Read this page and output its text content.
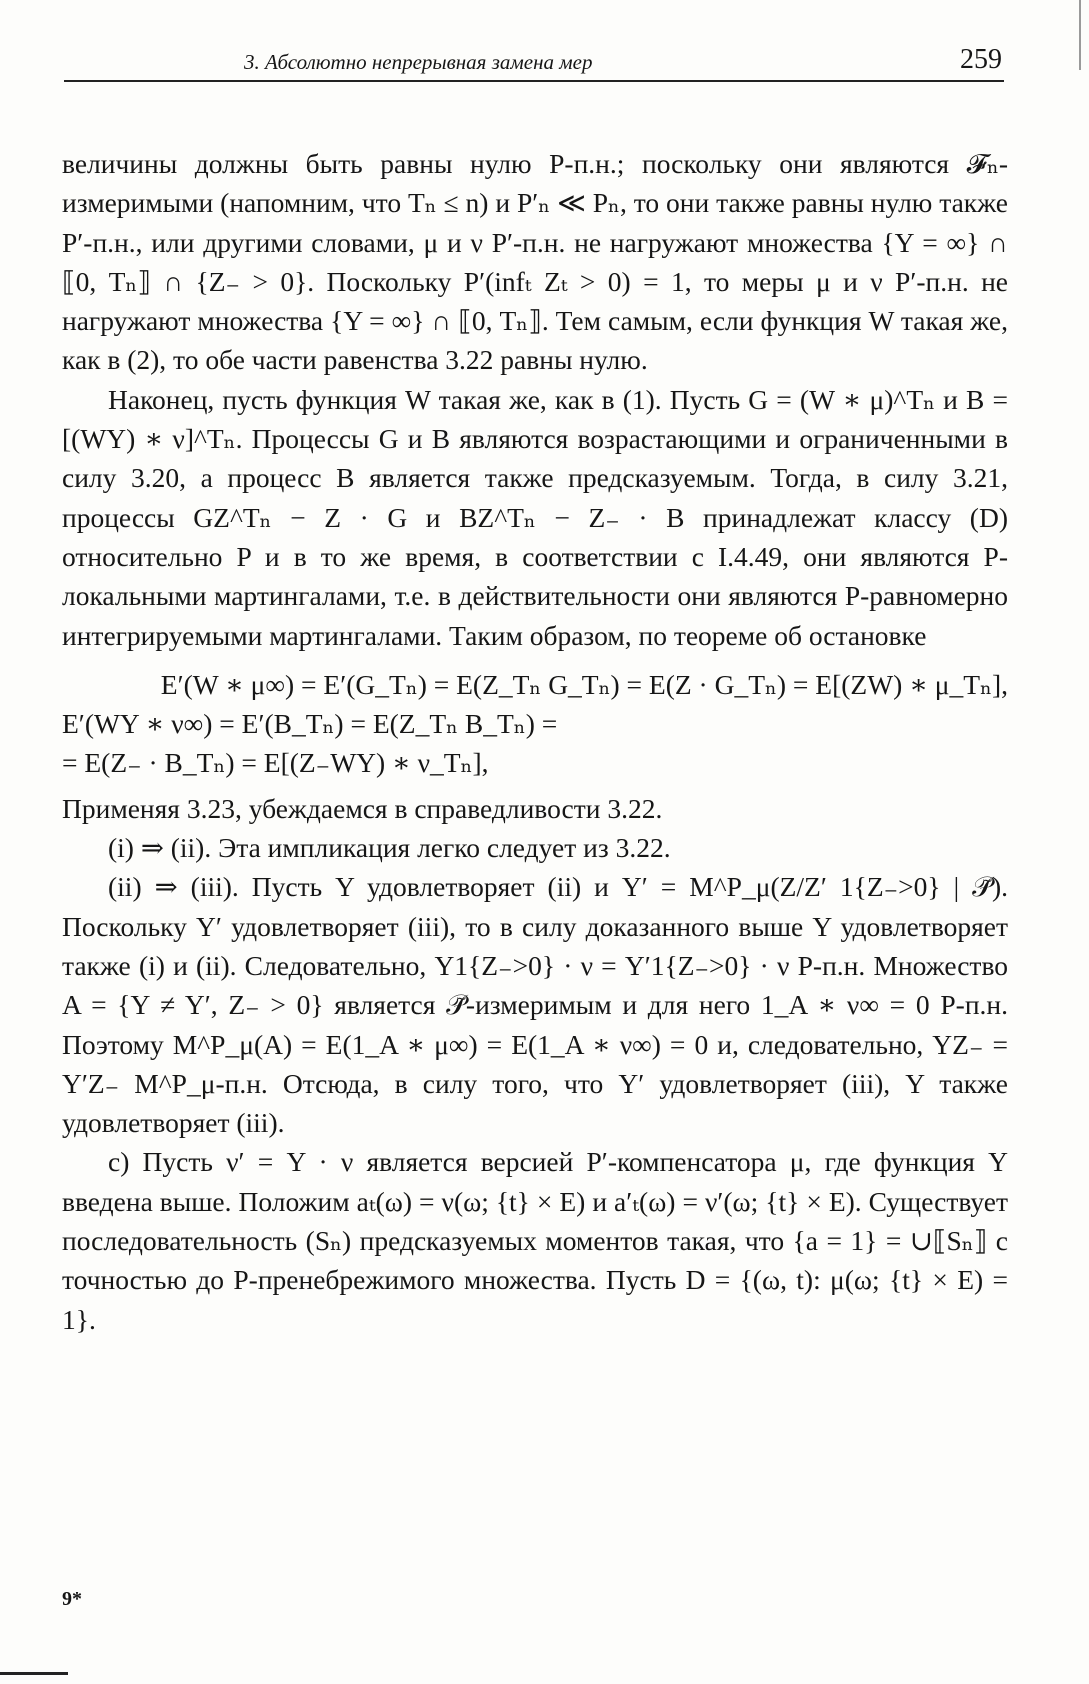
3. Абсолютно непрерывная замена мер	259

величины должны быть равны нулю P-п.н.; поскольку они являются 𝓕ₙ-измеримыми (напомним, что Tₙ ≤ n) и P′ₙ ≪ Pₙ, то они также равны нулю также P′-п.н., или другими словами, μ и ν P′-п.н. не нагружают множества {Y = ∞} ∩ ⟦0, Tₙ⟧ ∩ {Z₋ > 0}. Поскольку P′(infₜ Zₜ > 0) = 1, то меры μ и ν P′-п.н. не нагружают множества {Y = ∞} ∩ ⟦0, Tₙ⟧. Тем самым, если функция W такая же, как в (2), то обе части равенства 3.22 равны нулю.

Наконец, пусть функция W такая же, как в (1). Пусть G = (W ∗ μ)^Tₙ и B = [(WY) ∗ ν]^Tₙ. Процессы G и B являются возрастающими и ограниченными в силу 3.20, а процесс B является также предсказуемым. Тогда, в силу 3.21, процессы GZ^Tₙ − Z · G и BZ^Tₙ − Z₋ · B принадлежат классу (D) относительно P и в то же время, в соответствии с I.4.49, они являются P-локальными мартингалами, т.е. в действительности они являются P-равномерно интегрируемыми мартингалами. Таким образом, по теореме об остановке

E′(W ∗ μ∞) = E′(G_Tₙ) = E(Z_Tₙ G_Tₙ) = E(Z · G_Tₙ) = E[(ZW) ∗ μ_Tₙ],

E′(WY ∗ ν∞) = E′(B_Tₙ) = E(Z_Tₙ B_Tₙ) =

= E(Z₋ · B_Tₙ) = E[(Z₋WY) ∗ ν_Tₙ],

Применяя 3.23, убеждаемся в справедливости 3.22.

(i) ⇒ (ii). Эта импликация легко следует из 3.22.

(ii) ⇒ (iii). Пусть Y удовлетворяет (ii) и Y′ = M^P_μ(Z/Z′ 1{Z₋>0} | 𝒫̃). Поскольку Y′ удовлетворяет (iii), то в силу доказанного выше Y удовлетворяет также (i) и (ii). Следовательно, Y1{Z₋>0} · ν = Y′1{Z₋>0} · ν P-п.н. Множество A = {Y ≠ Y′, Z₋ > 0} является 𝒫̃-измеримым и для него 1_A ∗ ν∞ = 0 P-п.н. Поэтому M^P_μ(A) = E(1_A ∗ μ∞) = E(1_A ∗ ν∞) = 0 и, следовательно, YZ₋ = Y′Z₋ M^P_μ-п.н. Отсюда, в силу того, что Y′ удовлетворяет (iii), Y также удовлетворяет (iii).

c) Пусть ν′ = Y · ν является версией P′-компенсатора μ, где функция Y введена выше. Положим aₜ(ω) = ν(ω; {t} × E) и a′ₜ(ω) = ν′(ω; {t} × E). Существует последовательность (Sₙ) предсказуемых моментов такая, что {a = 1} = ∪⟦Sₙ⟧ с точностью до P-пренебрежимого множества. Пусть D = {(ω, t): μ(ω; {t} × E) = 1}.

9*
